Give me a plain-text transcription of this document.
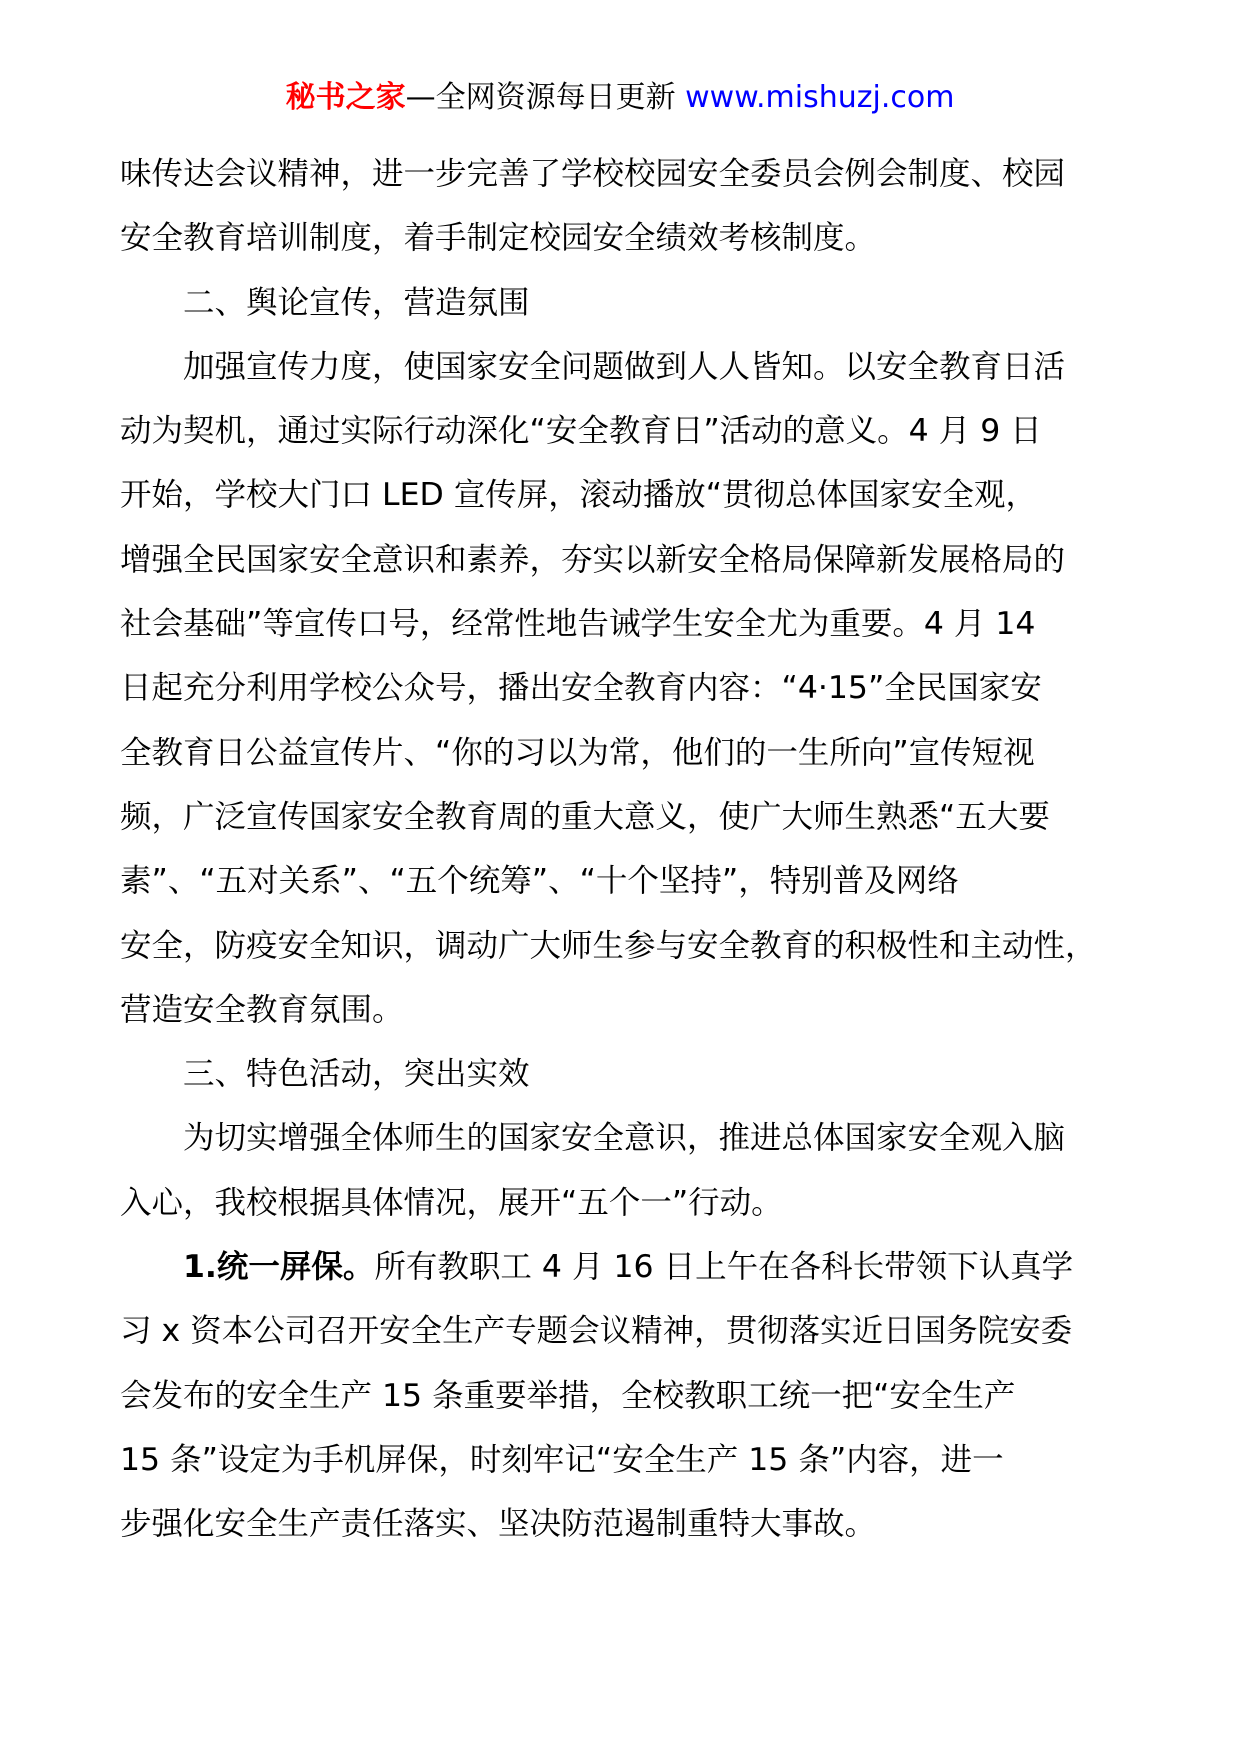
秘书之家—全网资源每日更新 www.mishuzj.com
味传达会议精神，进一步完善了学校校园安全委员会例会制度、校园
安全教育培训制度，着手制定校园安全绩效考核制度。
二、舆论宣传，营造氛围
加强宣传力度，使国家安全问题做到人人皆知。以安全教育日活
动为契机，通过实际行动深化“安全教育日”活动的意义。4 月 9 日
开始，学校大门口 LED 宣传屏，滚动播放“贯彻总体国家安全观，
增强全民国家安全意识和素养，夯实以新安全格局保障新发展格局的
社会基础”等宣传口号，经常性地告诫学生安全尤为重要。4 月 14
日起充分利用学校公众号，播出安全教育内容：“4·15”全民国家安
全教育日公益宣传片、“你的习以为常，他们的一生所向”宣传短视
频，广泛宣传国家安全教育周的重大意义，使广大师生熟悉“五大要
素”、“五对关系”、“五个统筹”、“十个坚持”，特别普及网络
安全，防疫安全知识，调动广大师生参与安全教育的积极性和主动性，
营造安全教育氛围。
三、特色活动，突出实效
为切实增强全体师生的国家安全意识，推进总体国家安全观入脑
入心，我校根据具体情况，展开“五个一”行动。
1.统一屏保。所有教职工 4 月 16 日上午在各科长带领下认真学
习 x 资本公司召开安全生产专题会议精神，贯彻落实近日国务院安委
会发布的安全生产 15 条重要举措，全校教职工统一把“安全生产
15 条”设定为手机屏保，时刻牢记“安全生产 15 条”内容，进一
步强化安全生产责任落实、坚决防范遏制重特大事故。
